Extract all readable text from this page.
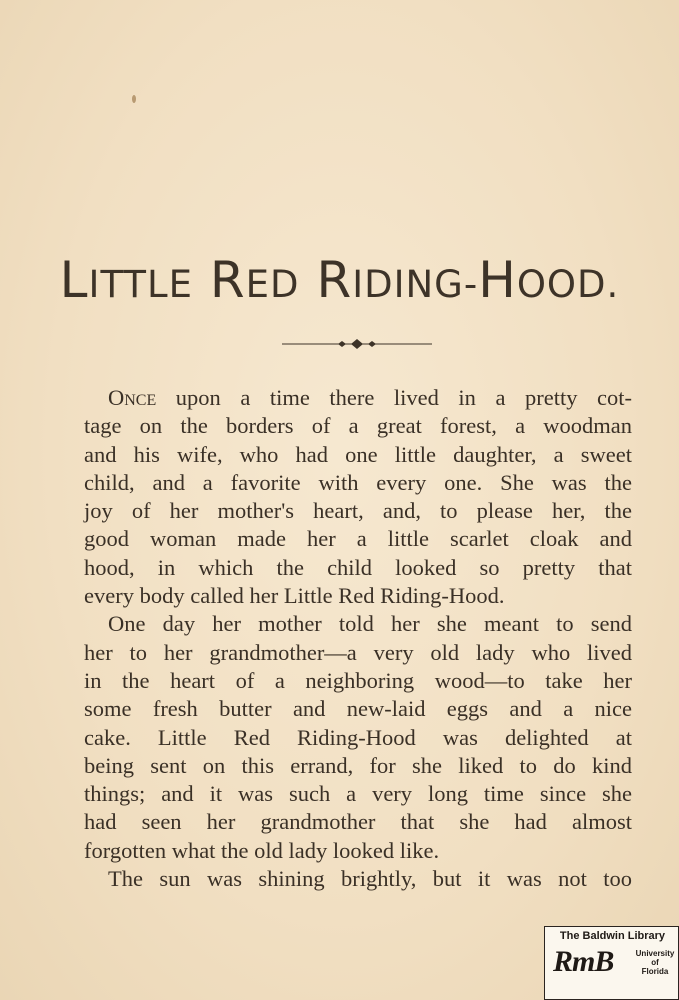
LITTLE RED RIDING-HOOD.

Once upon a time there lived in a pretty cot-
tage on the borders of a great forest, a woodman
and his wife, who had one little daughter, a sweet
child, and a favorite with every one. She was the
joy of her mother's heart, and, to please her, the
good woman made her a little scarlet cloak and
hood, in which the child looked so pretty that
every body called her Little Red Riding-Hood.

One day her mother told her she meant to send
her to her grandmother—a very old lady who lived
in the heart of a neighboring wood—to take her
some fresh butter and new-laid eggs and a nice
cake. Little Red Riding-Hood was delighted at
being sent on this errand, for she liked to do kind
things; and it was such a very long time since she
had seen her grandmother that she had almost
forgotten what the old lady looked like.

The sun was shining brightly, but it was not too

The Baldwin Library
RmB	University
of
Florida
